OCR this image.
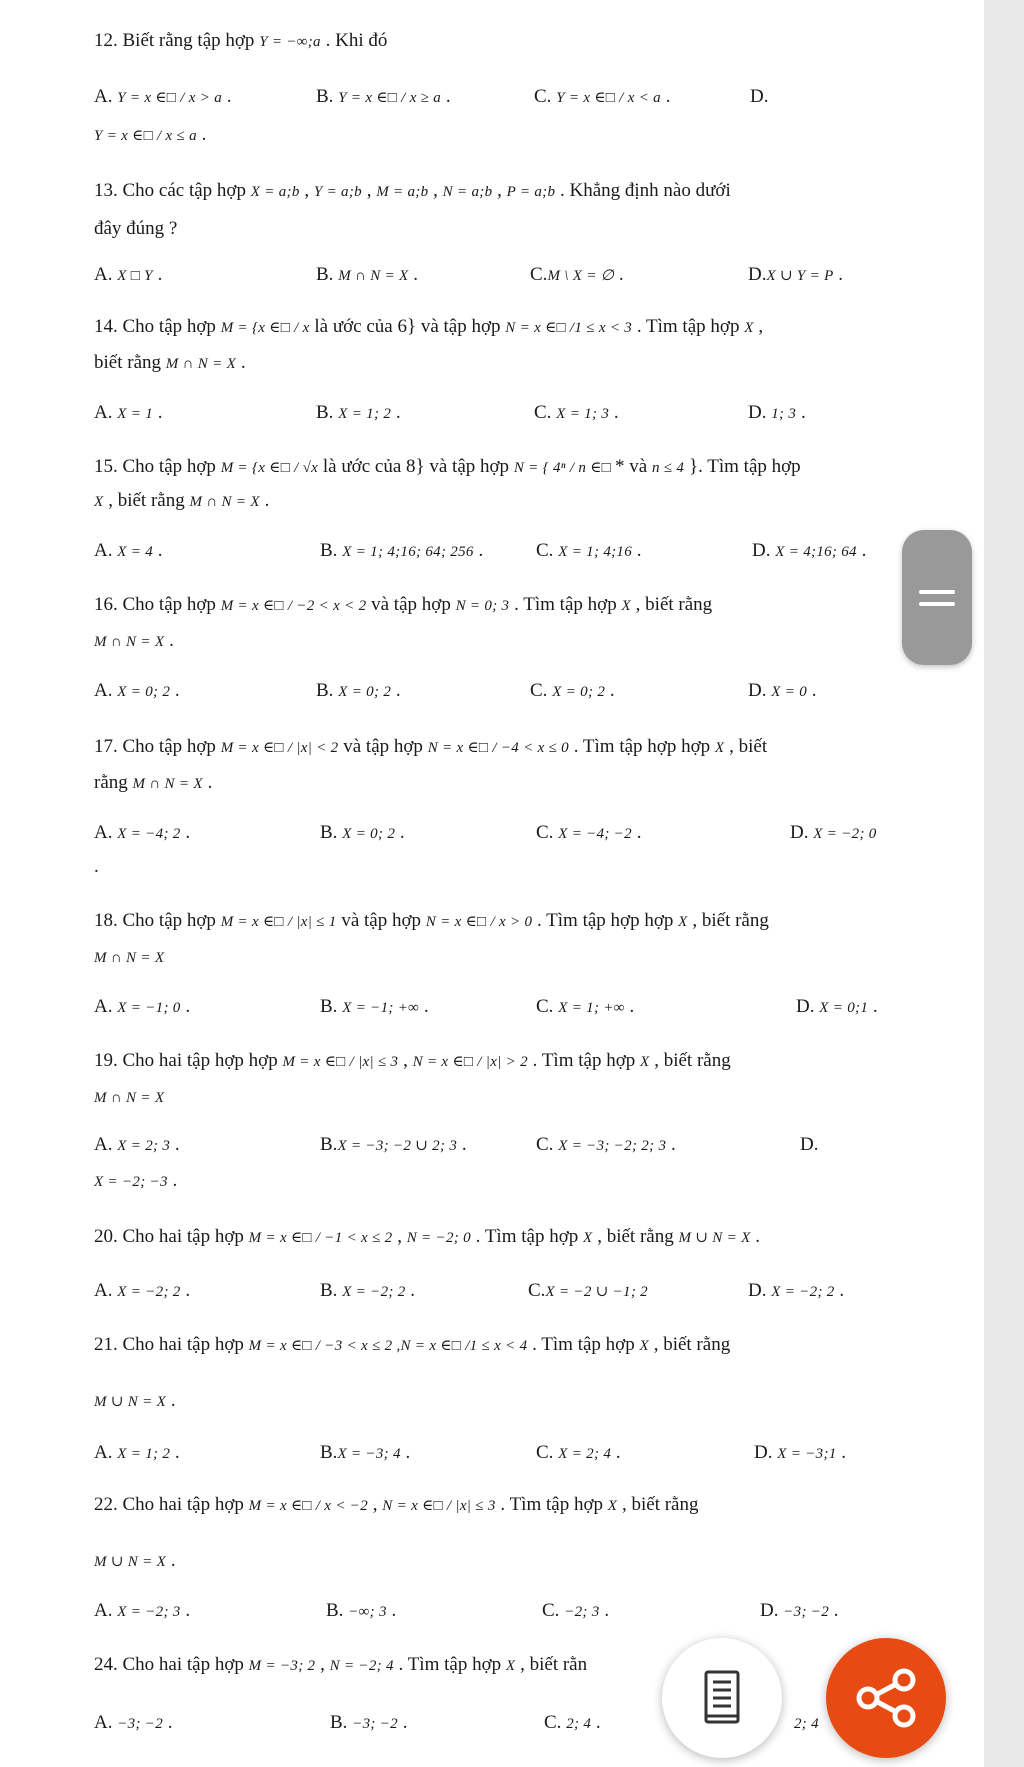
12. Biết rằng tập hợp Y = −∞;a . Khi đó
A. Y = x ∈□ / x > a .	B. Y = x ∈□ / x ≥ a .	C. Y = x ∈□ / x < a .	D.
Y = x ∈□ / x ≤ a .
13. Cho các tập hợp X = a;b , Y = a;b , M = a;b , N = a;b , P = a;b . Khẳng định nào dưới
đây đúng ?
A. X □ Y .	B. M ∩ N = X .	C.M \ X = ∅ .	D.X ∪ Y = P .
14. Cho tập hợp M = {x ∈□ / x là ước của 6} và tập hợp N = x ∈□ /1 ≤ x < 3 . Tìm tập hợp X ,
biết rằng M ∩ N = X .
A. X = 1 .	B. X = 1; 2 .	C. X = 1; 3 .	D. 1; 3 .
15. Cho tập hợp M = {x ∈□ / √x là ước của 8} và tập hợp N = { 4ⁿ / n ∈□ * và n ≤ 4 }. Tìm tập hợp
X , biết rằng M ∩ N = X .
A. X = 4 .	B. X = 1; 4;16; 64; 256 .	C. X = 1; 4;16 .	D. X = 4;16; 64 .
16. Cho tập hợp M = x ∈□ / −2 < x < 2 và tập hợp N = 0; 3 . Tìm tập hợp X , biết rằng
M ∩ N = X .
A. X = 0; 2 .	B. X = 0; 2 .	C. X = 0; 2 .	D. X = 0 .
17. Cho tập hợp M = x ∈□ / |x| < 2 và tập hợp N = x ∈□ / −4 < x ≤ 0 . Tìm tập hợp hợp X , biết
rằng M ∩ N = X .
A. X = −4; 2 .	B. X = 0; 2 .	C. X = −4; −2 .	D. X = −2; 0
.
18. Cho tập hợp M = x ∈□ / |x| ≤ 1 và tập hợp N = x ∈□ / x > 0 . Tìm tập hợp hợp X , biết rằng
M ∩ N = X
A. X = −1; 0 .	B. X = −1; +∞ .	C. X = 1; +∞ .	D. X = 0;1 .
19. Cho hai tập hợp hợp M = x ∈□ / |x| ≤ 3 , N = x ∈□ / |x| > 2 . Tìm tập hợp X , biết rằng
M ∩ N = X
A. X = 2; 3 .	B.X = −3; −2 ∪ 2; 3 .	C. X = −3; −2; 2; 3 .	D.
X = −2; −3 .
20. Cho hai tập hợp M = x ∈□ / −1 < x ≤ 2 , N = −2; 0 . Tìm tập hợp X , biết rằng M ∪ N = X .
A. X = −2; 2 .	B. X = −2; 2 .	C.X = −2 ∪ −1; 2	D. X = −2; 2 .
21. Cho hai tập hợp M = x ∈□ / −3 < x ≤ 2 ,N = x ∈□ /1 ≤ x < 4 . Tìm tập hợp X , biết rằng
M ∪ N = X .
A. X = 1; 2 .	B.X = −3; 4 .	C. X = 2; 4 .	D. X = −3;1 .
22. Cho hai tập hợp M = x ∈□ / x < −2 , N = x ∈□ / |x| ≤ 3 . Tìm tập hợp X , biết rằng
M ∪ N = X .
A. X = −2; 3 .	B. −∞; 3 .	C. −2; 3 .	D. −3; −2 .
24. Cho hai tập hợp M = −3; 2 , N = −2; 4 . Tìm tập hợp X , biết rằn
A. −3; −2 .	B. −3; −2 .	C. 2; 4 .	2; 4
